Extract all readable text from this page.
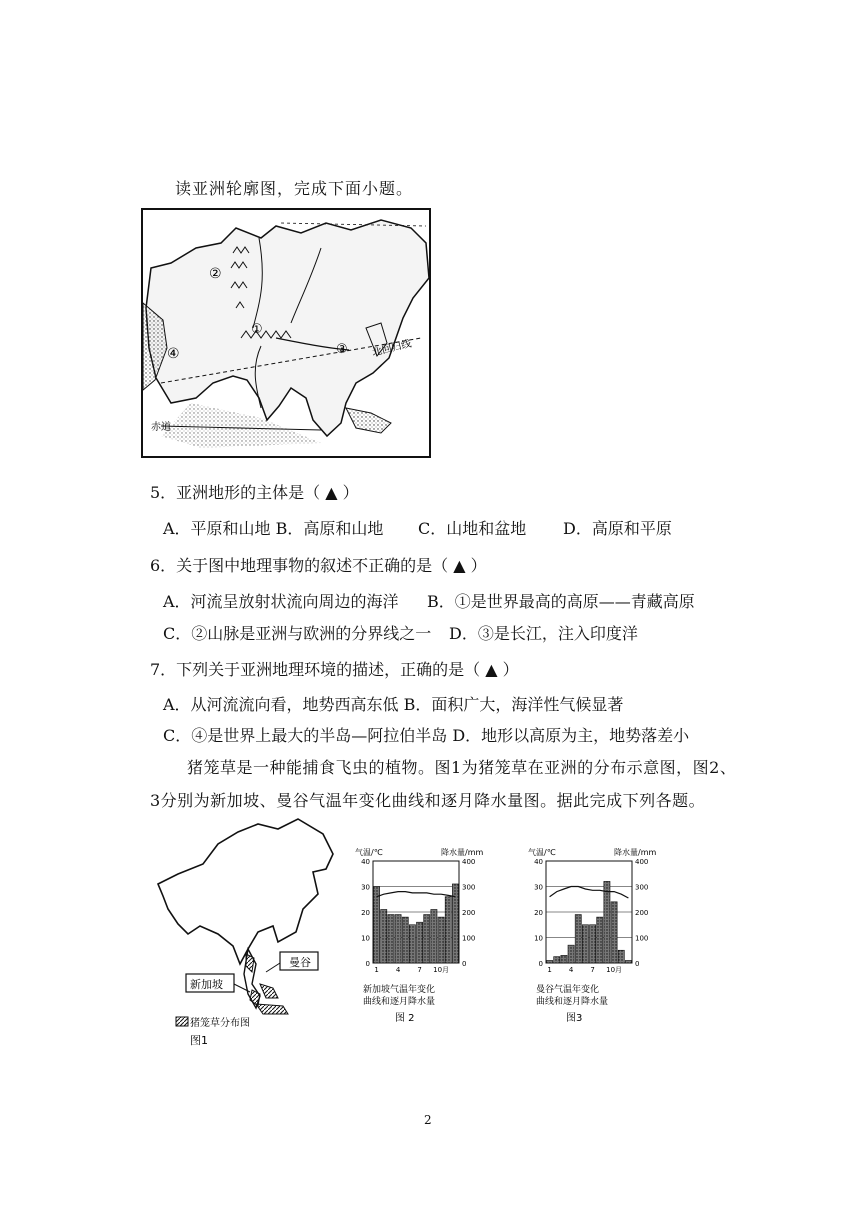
读亚洲轮廓图，完成下面小题。
②
①
③
④	北回归线
赤道
5．亚洲地形的主体是（ ▲ ）
A．平原和山地 B．高原和山地 C．山地和盆地 D．高原和平原
6．关于图中地理事物的叙述不正确的是（ ▲ ）
A．河流呈放射状流向周边的海洋 B．①是世界最高的高原——青藏高原
C．②山脉是亚洲与欧洲的分界线之一 D．③是长江，注入印度洋
7．下列关于亚洲地理环境的描述，正确的是（ ▲ ）
A．从河流流向看，地势西高东低 B．面积广大，海洋性气候显著
C．④是世界上最大的半岛—阿拉伯半岛 D．地形以高原为主，地势落差小
猪笼草是一种能捕食飞虫的植物。图1为猪笼草在亚洲的分布示意图，图2、
3分别为新加坡、曼谷气温年变化曲线和逐月降水量图。据此完成下列各题。
曼谷
新加坡
猪笼草分布图
图1
气温/℃	降水量/mm
40
30
20
10
0
400
300
200
100
0
1 4 7 10月
新加坡气温年变化
曲线和逐月降水量
图 2
气温/℃	降水量/mm
40
30
20
10
0
400
300
200
100
0
1 4 7 10月
曼谷气温年变化
曲线和逐月降水量
图3
2
